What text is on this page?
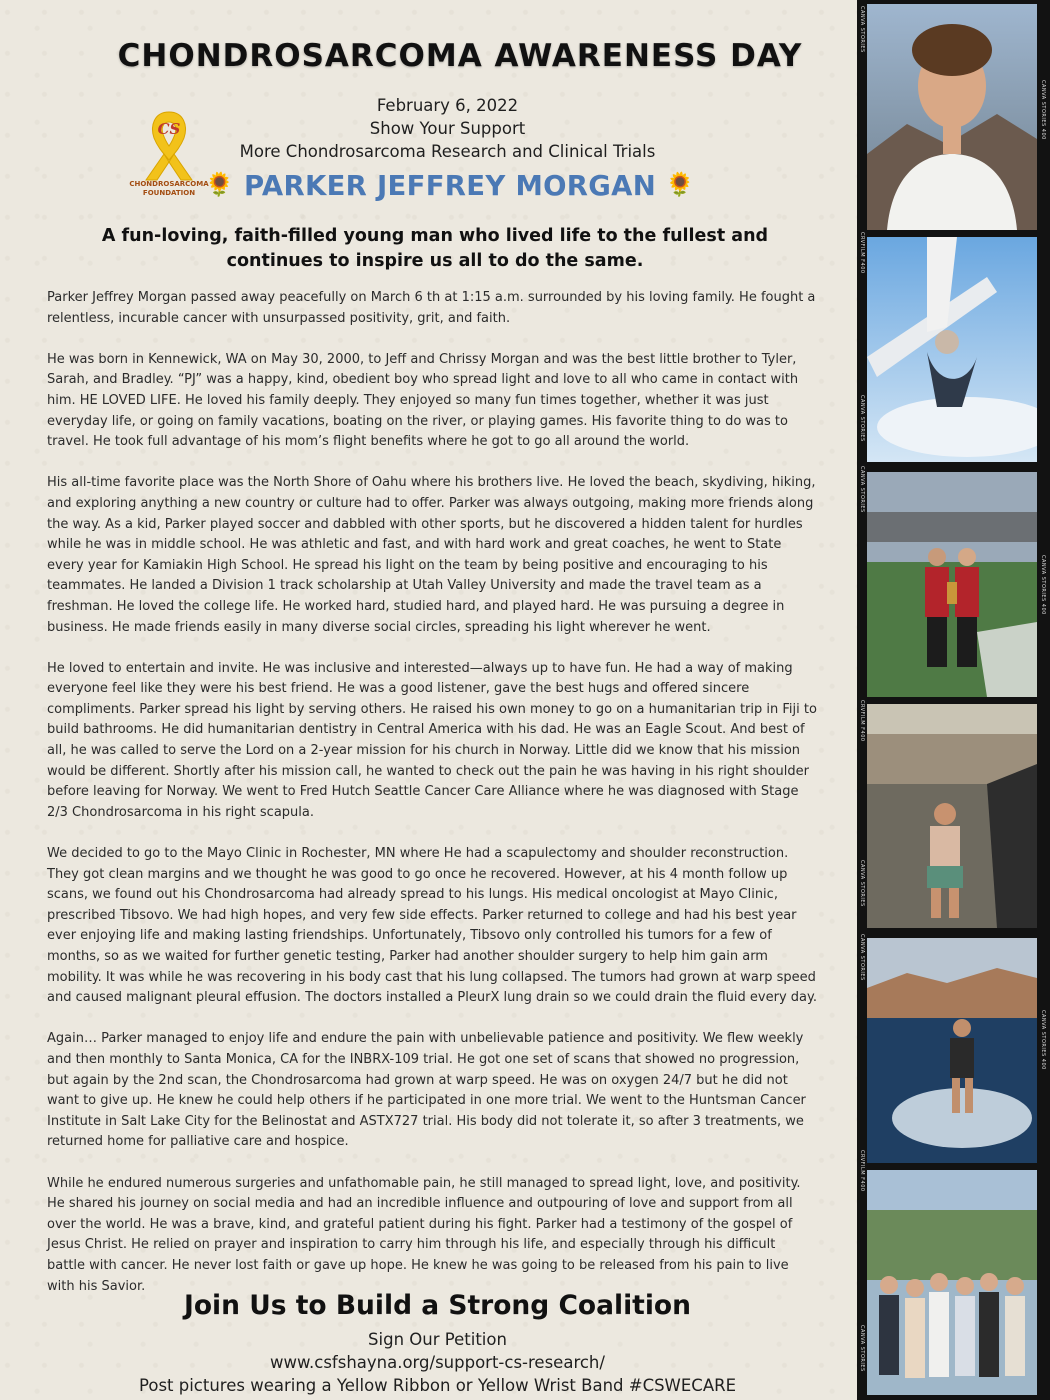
CHONDROSARCOMA AWARENESS DAY
CS
CHONDROSARCOMA
FOUNDATION
February 6, 2022
Show Your Support
More Chondrosarcoma Research and Clinical Trials
🌻 PARKER JEFFREY MORGAN 🌻
A fun-loving, faith-filled young man who lived life to the fullest and continues to inspire us all to do the same.

Parker Jeffrey Morgan passed away peacefully on March 6 th at 1:15 a.m. surrounded by his loving family. He fought a relentless, incurable cancer with unsurpassed positivity, grit, and faith.

He was born in Kennewick, WA on May 30, 2000, to Jeff and Chrissy Morgan and was the best little brother to Tyler, Sarah, and Bradley. “PJ” was a happy, kind, obedient boy who spread light and love to all who came in contact with him. HE LOVED LIFE. He loved his family deeply. They enjoyed so many fun times together, whether it was just everyday life, or going on family vacations, boating on the river, or playing games. His favorite thing to do was to travel. He took full advantage of his mom’s flight benefits where he got to go all around the world.

His all-time favorite place was the North Shore of Oahu where his brothers live. He loved the beach, skydiving, hiking, and exploring anything a new country or culture had to offer. Parker was always outgoing, making more friends along the way. As a kid, Parker played soccer and dabbled with other sports, but he discovered a hidden talent for hurdles while he was in middle school. He was athletic and fast, and with hard work and great coaches, he went to State every year for Kamiakin High School. He spread his light on the team by being positive and encouraging to his teammates. He landed a Division 1 track scholarship at Utah Valley University and made the travel team as a freshman. He loved the college life. He worked hard, studied hard, and played hard. He was pursuing a degree in business. He made friends easily in many diverse social circles, spreading his light wherever he went.

He loved to entertain and invite. He was inclusive and interested—always up to have fun. He had a way of making everyone feel like they were his best friend. He was a good listener, gave the best hugs and offered sincere compliments. Parker spread his light by serving others. He raised his own money to go on a humanitarian trip in Fiji to build bathrooms. He did humanitarian dentistry in Central America with his dad. He was an Eagle Scout. And best of all, he was called to serve the Lord on a 2-year mission for his church in Norway. Little did we know that his mission would be different. Shortly after his mission call, he wanted to check out the pain he was having in his right shoulder before leaving for Norway. We went to Fred Hutch Seattle Cancer Care Alliance where he was diagnosed with Stage 2/3 Chondrosarcoma in his right scapula.

We decided to go to the Mayo Clinic in Rochester, MN where He had a scapulectomy and shoulder reconstruction. They got clean margins and we thought he was good to go once he recovered. However, at his 4 month follow up scans, we found out his Chondrosarcoma had already spread to his lungs. His medical oncologist at Mayo Clinic, prescribed Tibsovo. We had high hopes, and very few side effects. Parker returned to college and had his best year ever enjoying life and making lasting friendships. Unfortunately, Tibsovo only controlled his tumors for a few of months, so as we waited for further genetic testing, Parker had another shoulder surgery to help him gain arm mobility. It was while he was recovering in his body cast that his lung collapsed. The tumors had grown at warp speed and caused malignant pleural effusion. The doctors installed a PleurX lung drain so we could drain the fluid every day.

Again… Parker managed to enjoy life and endure the pain with unbelievable patience and positivity. We flew weekly and then monthly to Santa Monica, CA for the INBRX-109 trial. He got one set of scans that showed no progression, but again by the 2nd scan, the Chondrosarcoma had grown at warp speed. He was on oxygen 24/7 but he did not want to give up. He knew he could help others if he participated in one more trial. We went to the Huntsman Cancer Institute in Salt Lake City for the Belinostat and ASTX727 trial. His body did not tolerate it, so after 3 treatments, we returned home for palliative care and hospice.

While he endured numerous surgeries and unfathomable pain, he still managed to spread light, love, and positivity. He shared his journey on social media and had an incredible influence and outpouring of love and support from all over the world. He was a brave, kind, and grateful patient during his fight. Parker had a testimony of the gospel of Jesus Christ. He relied on prayer and inspiration to carry him through his life, and especially through his difficult battle with cancer. He never lost faith or gave up hope. He knew he was going to be released from his pain to live with his Savior.

Join Us to Build a Strong Coalition
Sign Our Petition
www.csfshayna.org/support-cs-research/
Post pictures wearing a Yellow Ribbon or Yellow Wrist Band #CSWECARE
CANVA STORIES
CANVA STORIES 400
CRVFILM F400
CANVA STORIES
CANVA STORIES
CANVA STORIES 400
CRVFILM F400
CANVA STORIES
CANVA STORIES
CANVA STORIES 400
CRVFILM F400
CANVA STORIES
